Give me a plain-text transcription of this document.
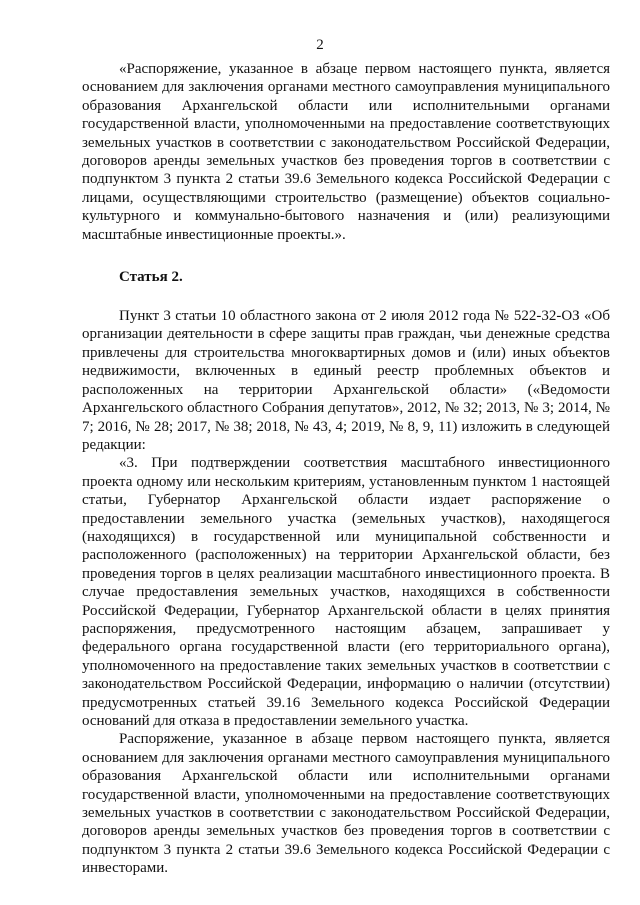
2

«Распоряжение, указанное в абзаце первом настоящего пункта, является основанием для заключения органами местного самоуправления муниципального образования Архангельской области или исполнительными органами государственной власти, уполномоченными на предоставление соответствующих земельных участков в соответствии с законодательством Российской Федерации, договоров аренды земельных участков без проведения торгов в соответствии с подпунктом 3 пункта 2 статьи 39.6 Земельного кодекса Российской Федерации с лицами, осуществляющими строительство (размещение) объектов социально-культурного и коммунально-бытового назначения и (или) реализующими масштабные инвестиционные проекты.».

Статья 2.

Пункт 3 статьи 10 областного закона от 2 июля 2012 года № 522-32-ОЗ «Об организации деятельности в сфере защиты прав граждан, чьи денежные средства привлечены для строительства многоквартирных домов и (или) иных объектов недвижимости, включенных в единый реестр проблемных объектов и расположенных на территории Архангельской области» («Ведомости Архангельского областного Собрания депутатов», 2012, № 32; 2013, № 3; 2014, № 7; 2016, № 28; 2017, № 38; 2018, № 43, 4; 2019, № 8, 9, 11) изложить в следующей редакции:

«3. При подтверждении соответствия масштабного инвестиционного проекта одному или нескольким критериям, установленным пунктом 1 настоящей статьи, Губернатор Архангельской области издает распоряжение о предоставлении земельного участка (земельных участков), находящегося (находящихся) в государственной или муниципальной собственности и расположенного (расположенных) на территории Архангельской области, без проведения торгов в целях реализации масштабного инвестиционного проекта. В случае предоставления земельных участков, находящихся в собственности Российской Федерации, Губернатор Архангельской области в целях принятия распоряжения, предусмотренного настоящим абзацем, запрашивает у федерального органа государственной власти (его территориального органа), уполномоченного на предоставление таких земельных участков в соответствии с законодательством Российской Федерации, информацию о наличии (отсутствии) предусмотренных статьей 39.16 Земельного кодекса Российской Федерации оснований для отказа в предоставлении земельного участка.

Распоряжение, указанное в абзаце первом настоящего пункта, является основанием для заключения органами местного самоуправления муниципального образования Архангельской области или исполнительными органами государственной власти, уполномоченными на предоставление соответствующих земельных участков в соответствии с законодательством Российской Федерации, договоров аренды земельных участков без проведения торгов в соответствии с подпунктом 3 пункта 2 статьи 39.6 Земельного кодекса Российской Федерации с инвесторами.
